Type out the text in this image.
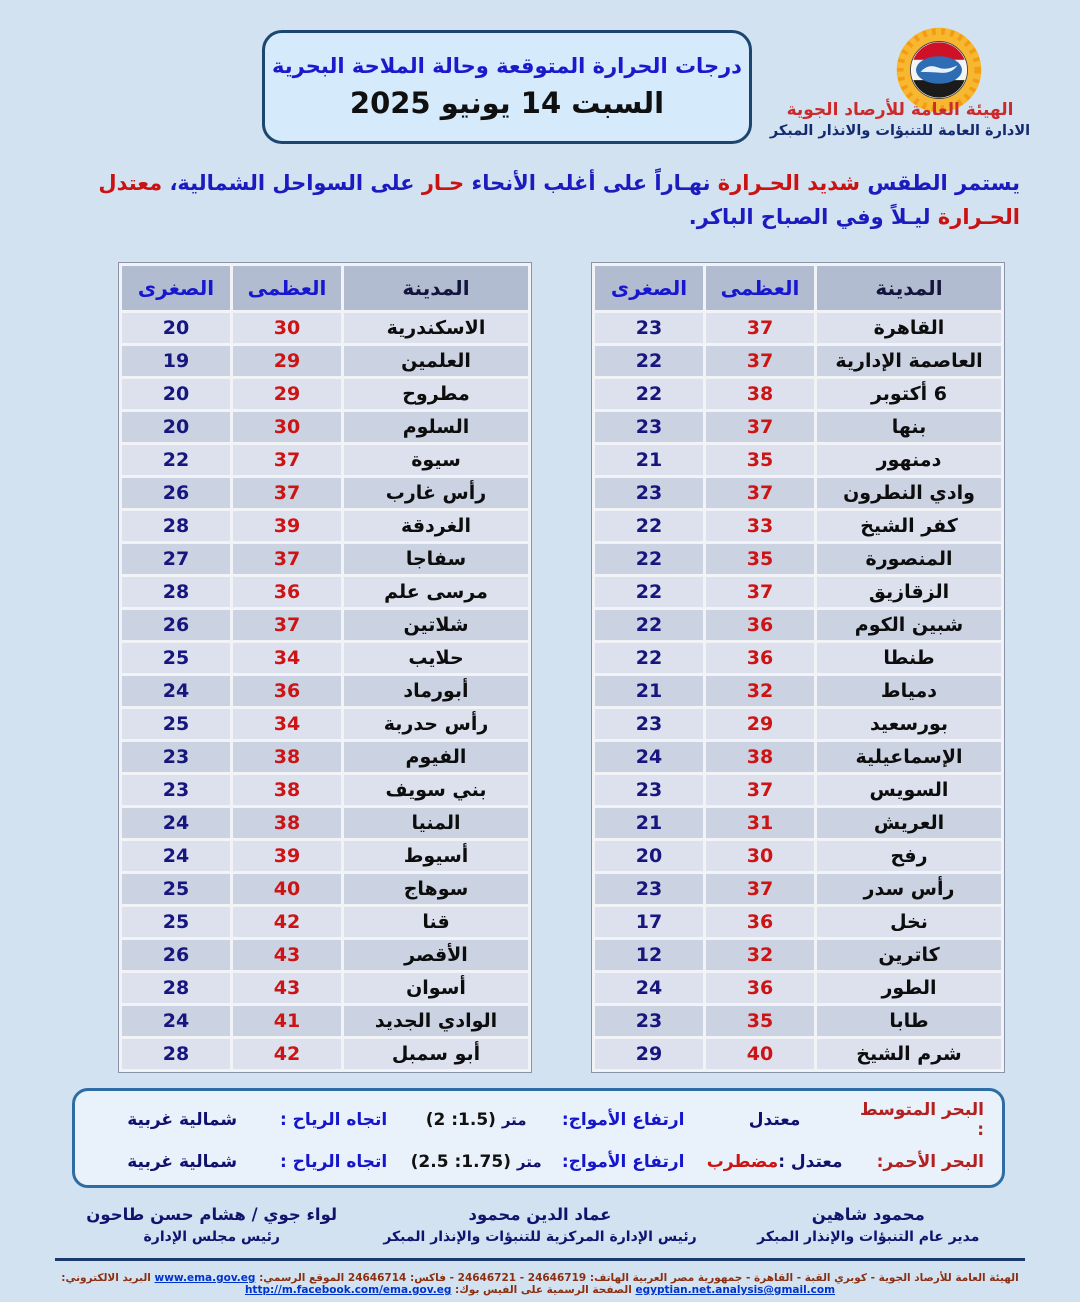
درجات الحرارة المتوقعة وحالة الملاحة البحرية
السبت 14 يونيو 2025	الهيئة العامة للأرصاد الجوية
الادارة العامة للتنبؤات والانذار المبكر
يستمر الطقس شديد الحـرارة نهـاراً على أغلب الأنحاء حـار على السواحل الشمالية، معتدل الحـرارة ليـلاً وفي الصباح الباكر.
المدينة	العظمى	الصغرى
القاهرة	37	23
العاصمة الإدارية	37	22
6 أكتوبر	38	22
بنها	37	23
دمنهور	35	21
وادي النطرون	37	23
كفر الشيخ	33	22
المنصورة	35	22
الزقازيق	37	22
شبين الكوم	36	22
طنطا	36	22
دمياط	32	21
بورسعيد	29	23
الإسماعيلية	38	24
السويس	37	23
العريش	31	21
رفح	30	20
رأس سدر	37	23
نخل	36	17
كاترين	32	12
الطور	36	24
طابا	35	23
شرم الشيخ	40	29
المدينة	العظمى	الصغرى
الاسكندرية	30	20
العلمين	29	19
مطروح	29	20
السلوم	30	20
سيوة	37	22
رأس غارب	37	26
الغردقة	39	28
سفاجا	37	27
مرسى علم	36	28
شلاتين	37	26
حلايب	34	25
أبورماد	36	24
رأس حدربة	34	25
الفيوم	38	23
بني سويف	38	23
المنيا	38	24
أسيوط	39	24
سوهاج	40	25
قنا	42	25
الأقصر	43	26
أسوان	43	28
الوادي الجديد	41	24
أبو سمبل	42	28
البحر المتوسط :
معتدل
ارتفاع الأمواج:
(2 :1.5) متر
اتجاه الرياح :
شمالية غربية
البحر الأحمر:
معتدل :مضطرب
ارتفاع الأمواج:
(2.5 :1.75) متر
اتجاه الرياح :
شمالية غربية
محمود شاهين
مدير عام التنبؤات والإنذار المبكر
عماد الدين محمود
رئيس الإدارة المركزية للتنبؤات والإنذار المبكر
لواء جوي / هشام حسن طاحون
رئيس مجلس الإدارة
الهيئة العامة للأرصاد الجوية - كوبري القبة - القاهرة - جمهورية مصر العربية الهاتف: 24646719 - 24646721 - فاكس: 24646714 الموقع الرسمي: www.ema.gov.eg البريد الالكتروني: egyptian.net.analysis@gmail.com الصفحة الرسمية على الفيس بوك: http://m.facebook.com/ema.gov.eg
